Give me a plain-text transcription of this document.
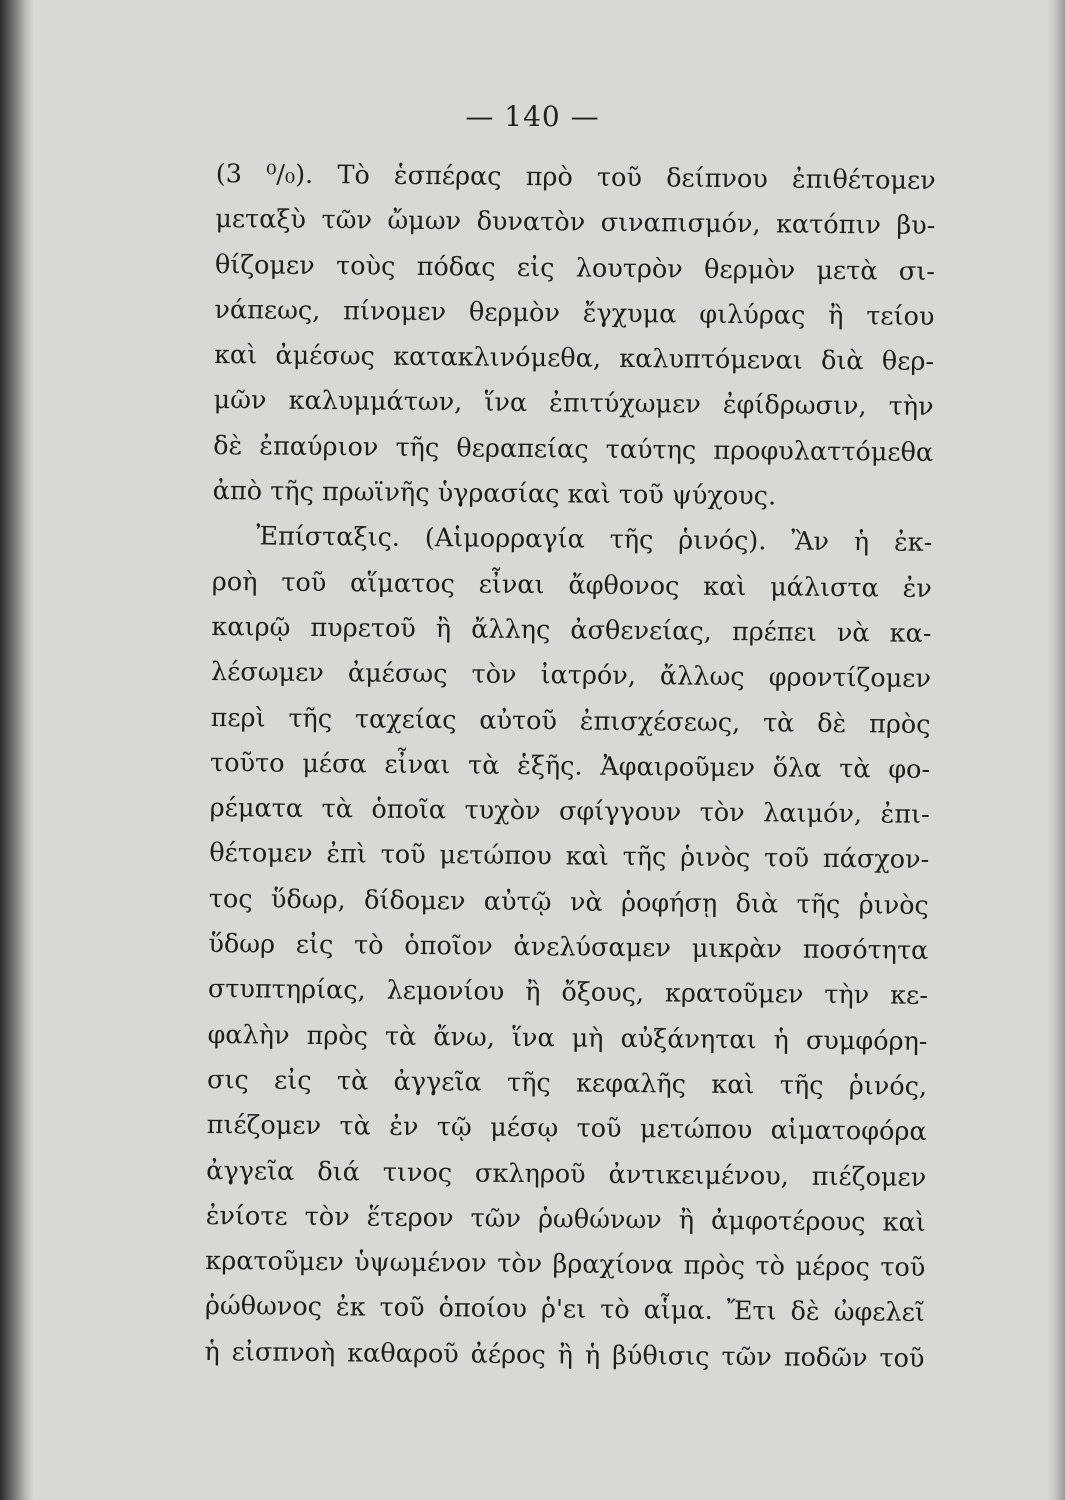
— 140 —
(3 ⁰/₀). Τὸ ἑσπέρας πρὸ τοῦ δείπνου ἐπιθέτομεν
μεταξὺ τῶν ὤμων δυνατὸν σιναπισμόν, κατόπιν βυ-
θίζομεν τοὺς πόδας εἰς λουτρὸν θερμὸν μετὰ σι-
νάπεως, πίνομεν θερμὸν ἔγχυμα φιλύρας ἢ τείου
καὶ ἀμέσως κατακλινόμεθα, καλυπτόμεναι διὰ θερ-
μῶν καλυμμάτων, ἵνα ἐπιτύχωμεν ἐφίδρωσιν, τὴν
δὲ ἐπαύριον τῆς θεραπείας ταύτης προφυλαττόμεθα
ἀπὸ τῆς πρωϊνῆς ὑγρασίας καὶ τοῦ ψύχους.
Ἐπίσταξις. (Αἱμορραγία τῆς ῥινός). Ἂν ἡ ἐκ-
ροὴ τοῦ αἵματος εἶναι ἄφθονος καὶ μάλιστα ἐν
καιρῷ πυρετοῦ ἢ ἄλλης ἀσθενείας, πρέπει νὰ κα-
λέσωμεν ἀμέσως τὸν ἰατρόν, ἄλλως φροντίζομεν
περὶ τῆς ταχείας αὐτοῦ ἐπισχέσεως, τὰ δὲ πρὸς
τοῦτο μέσα εἶναι τὰ ἑξῆς. Ἀφαιροῦμεν ὅλα τὰ φο-
ρέματα τὰ ὁποῖα τυχὸν σφίγγουν τὸν λαιμόν, ἐπι-
θέτομεν ἐπὶ τοῦ μετώπου καὶ τῆς ῥινὸς τοῦ πάσχον-
τος ὕδωρ, δίδομεν αὐτῷ νὰ ῥοφήσῃ διὰ τῆς ῥινὸς
ὕδωρ εἰς τὸ ὁποῖον ἀνελύσαμεν μικρὰν ποσότητα
στυπτηρίας, λεμονίου ἢ ὄξους, κρατοῦμεν τὴν κε-
φαλὴν πρὸς τὰ ἄνω, ἵνα μὴ αὐξάνηται ἡ συμφόρη-
σις εἰς τὰ ἀγγεῖα τῆς κεφαλῆς καὶ τῆς ῥινός,
πιέζομεν τὰ ἐν τῷ μέσῳ τοῦ μετώπου αἱματοφόρα
ἀγγεῖα διά τινος σκληροῦ ἀντικειμένου, πιέζομεν
ἐνίοτε τὸν ἕτερον τῶν ῥωθώνων ἢ ἀμφοτέρους καὶ
κρατοῦμεν ὑψωμένον τὸν βραχίονα πρὸς τὸ μέρος τοῦ
ῥώθωνος ἐκ τοῦ ὁποίου ῥ'ει τὸ αἷμα. Ἔτι δὲ ὠφελεῖ
ἡ εἰσπνοὴ καθαροῦ ἀέρος ἢ ἡ βύθισις τῶν ποδῶν τοῦ
